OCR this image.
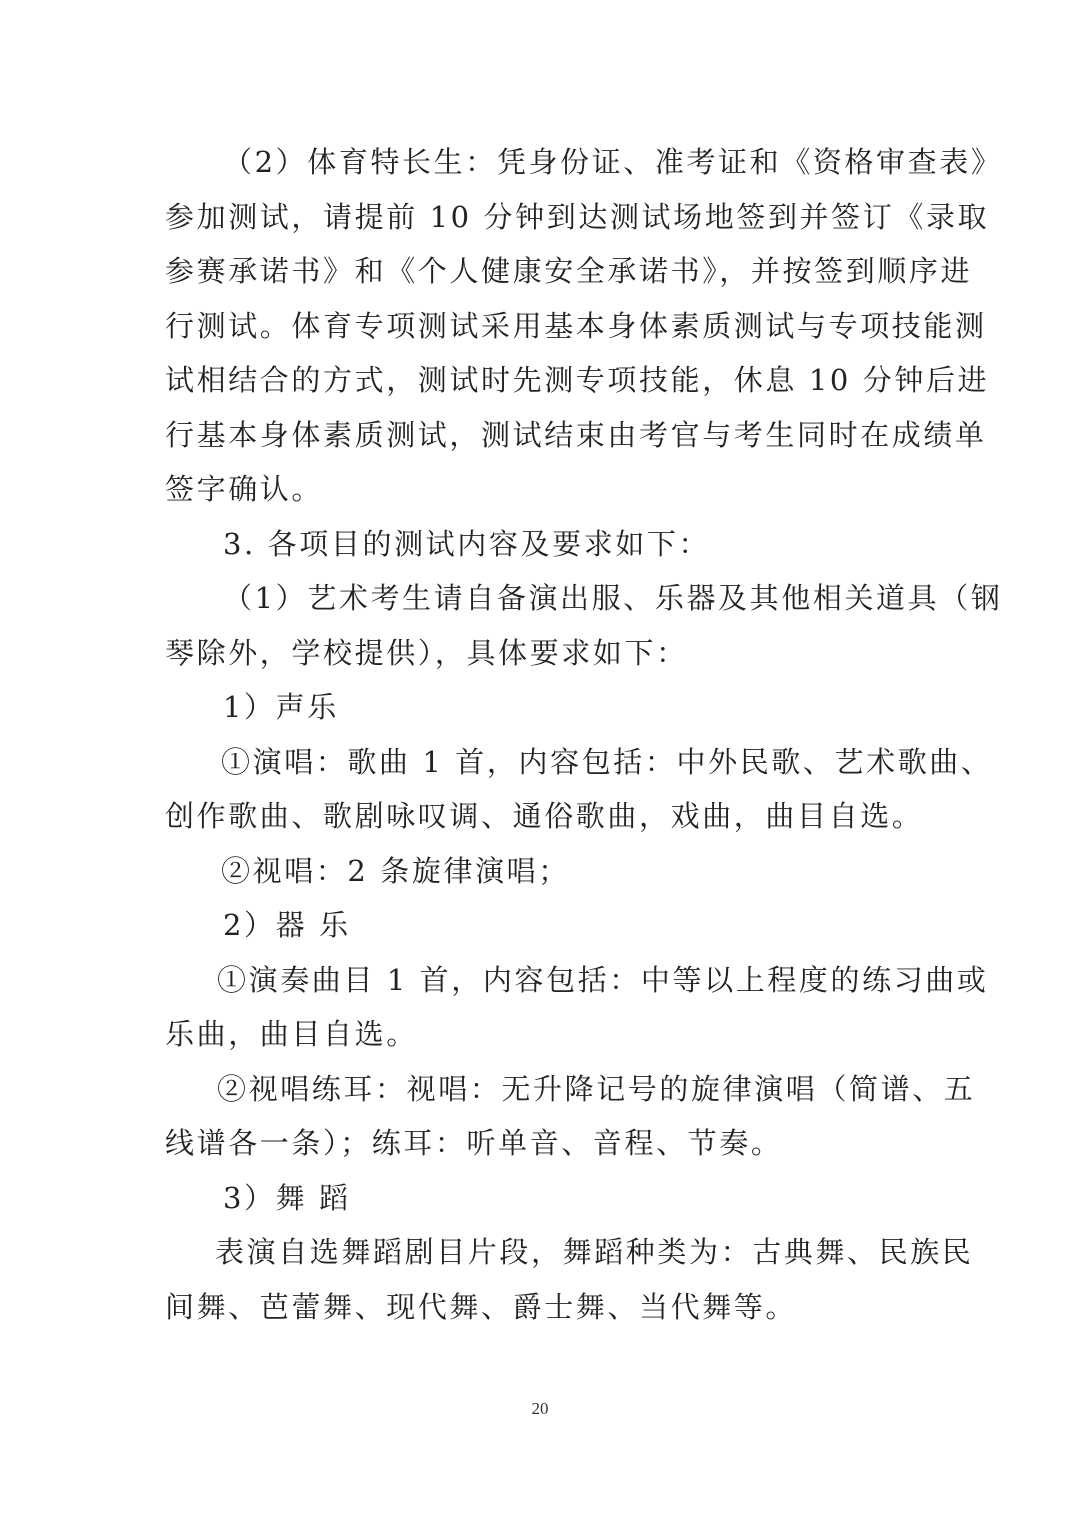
（2）体育特长生：凭身份证、准考证和《资格审查表》
参加测试，请提前 10 分钟到达测试场地签到并签订《录取
参赛承诺书》和《个人健康安全承诺书》，并按签到顺序进
行测试。体育专项测试采用基本身体素质测试与专项技能测
试相结合的方式，测试时先测专项技能，休息 10 分钟后进
行基本身体素质测试，测试结束由考官与考生同时在成绩单
签字确认。
3. 各项目的测试内容及要求如下：
（1）艺术考生请自备演出服、乐器及其他相关道具（钢
琴除外，学校提供），具体要求如下：
1）声乐
①演唱：歌曲 1 首，内容包括：中外民歌、艺术歌曲、
创作歌曲、歌剧咏叹调、通俗歌曲，戏曲，曲目自选。
②视唱：2 条旋律演唱；
2）器 乐
①演奏曲目 1 首，内容包括：中等以上程度的练习曲或
乐曲，曲目自选。
②视唱练耳：视唱：无升降记号的旋律演唱（简谱、五
线谱各一条）；练耳：听单音、音程、节奏。
3）舞 蹈
表演自选舞蹈剧目片段，舞蹈种类为：古典舞、民族民
间舞、芭蕾舞、现代舞、爵士舞、当代舞等。
20
